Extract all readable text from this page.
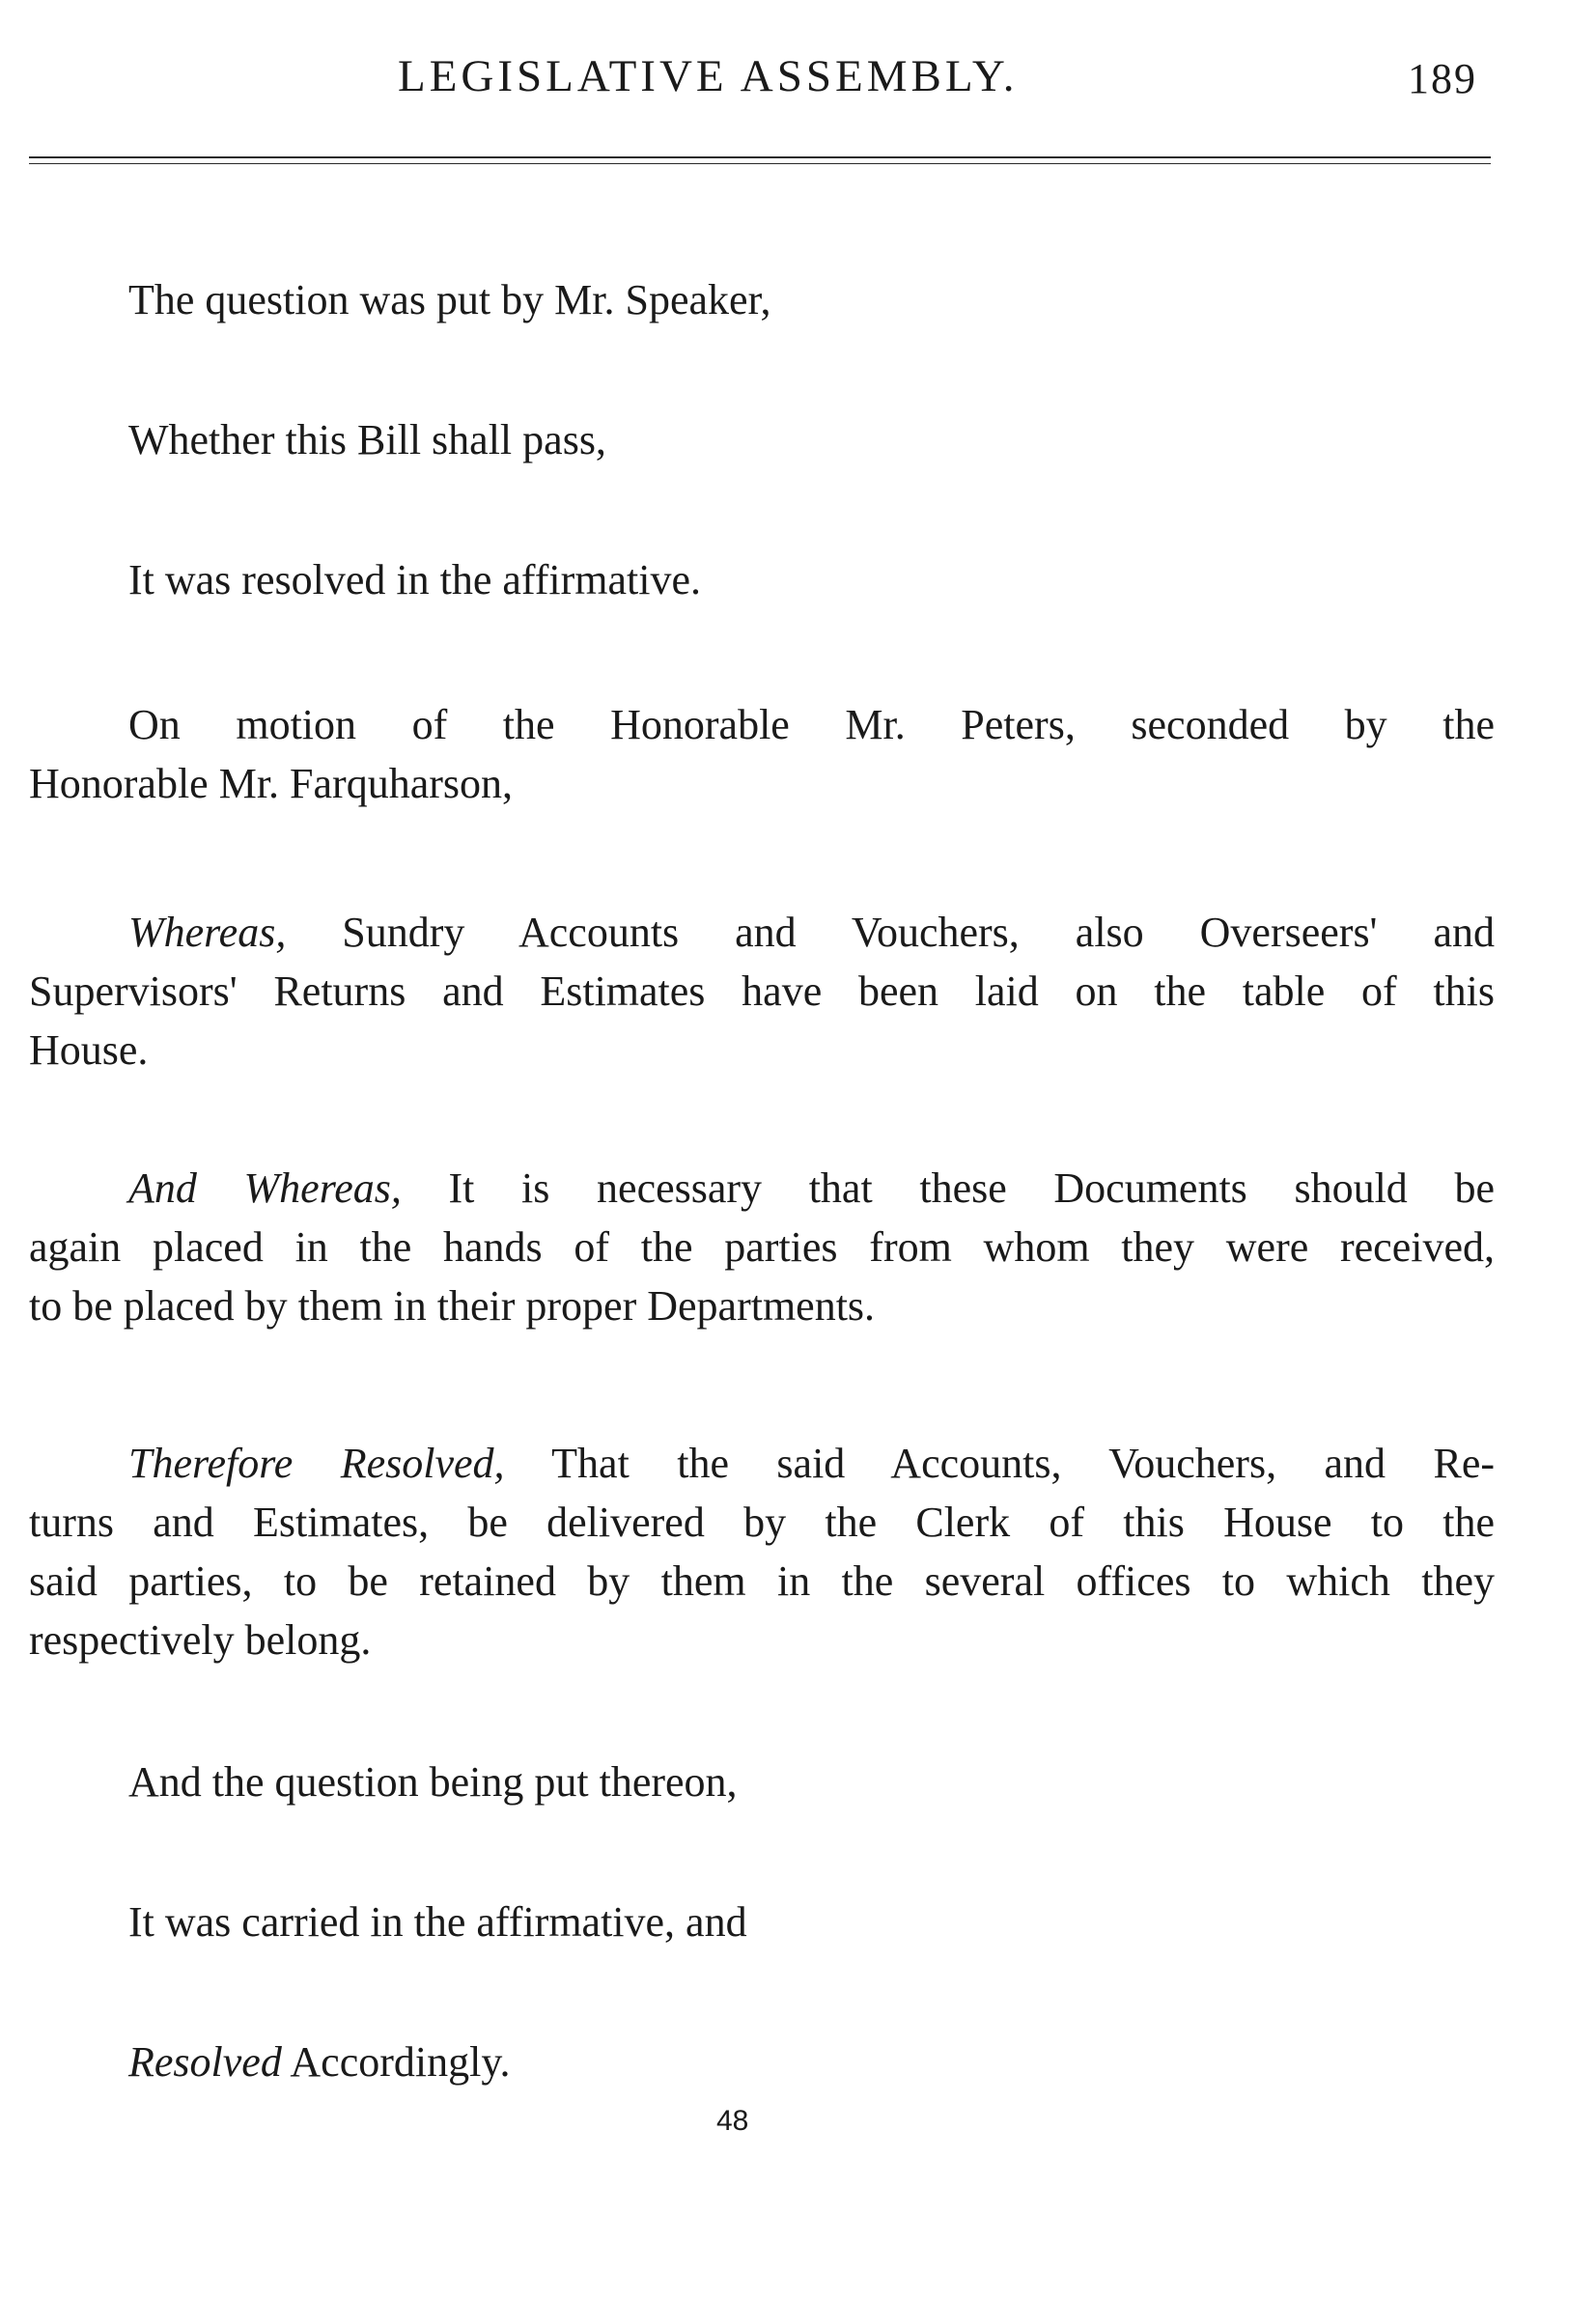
LEGISLATIVE ASSEMBLY.	189

The question was put by Mr. Speaker,

Whether this Bill shall pass,

It was resolved in the affirmative.

On motion of the Honorable Mr. Peters, seconded by the
Honorable Mr. Farquharson,

Whereas, Sundry Accounts and Vouchers, also Overseers' and
Supervisors' Returns and Estimates have been laid on the table of this
House.

And Whereas, It is necessary that these Documents should be
again placed in the hands of the parties from whom they were received,
to be placed by them in their proper Departments.

Therefore Resolved, That the said Accounts, Vouchers, and Re-
turns and Estimates, be delivered by the Clerk of this House to the
said parties, to be retained by them in the several offices to which they
respectively belong.

And the question being put thereon,

It was carried in the affirmative, and

Resolved Accordingly.

48
